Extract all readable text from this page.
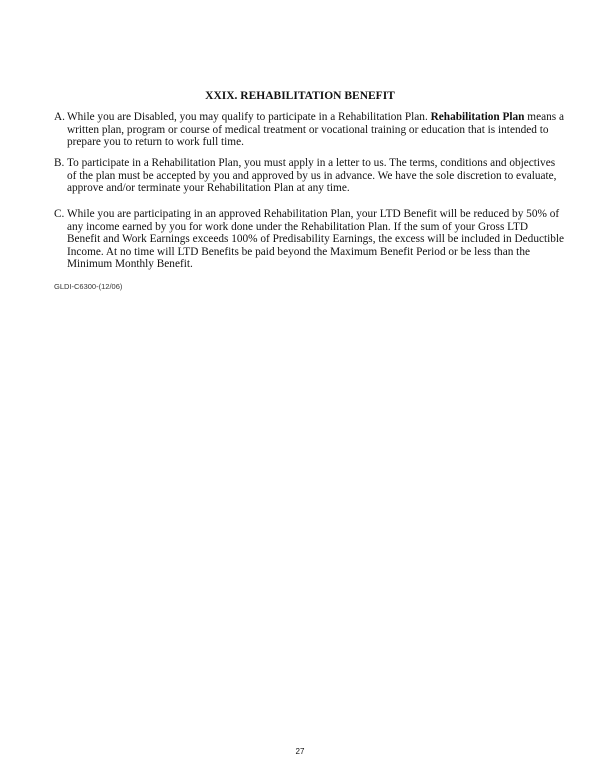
XXIX. REHABILITATION BENEFIT
A. While you are Disabled, you may qualify to participate in a Rehabilitation Plan. Rehabilitation Plan means a
written plan, program or course of medical treatment or vocational training or education that is intended to
prepare you to return to work full time.
B. To participate in a Rehabilitation Plan, you must apply in a letter to us. The terms, conditions and objectives
of the plan must be accepted by you and approved by us in advance. We have the sole discretion to evaluate,
approve and/or terminate your Rehabilitation Plan at any time.
C. While you are participating in an approved Rehabilitation Plan, your LTD Benefit will be reduced by 50% of
any income earned by you for work done under the Rehabilitation Plan. If the sum of your Gross LTD
Benefit and Work Earnings exceeds 100% of Predisability Earnings, the excess will be included in Deductible
Income. At no time will LTD Benefits be paid beyond the Maximum Benefit Period or be less than the
Minimum Monthly Benefit.
GLDI-C6300-(12/06)
27
